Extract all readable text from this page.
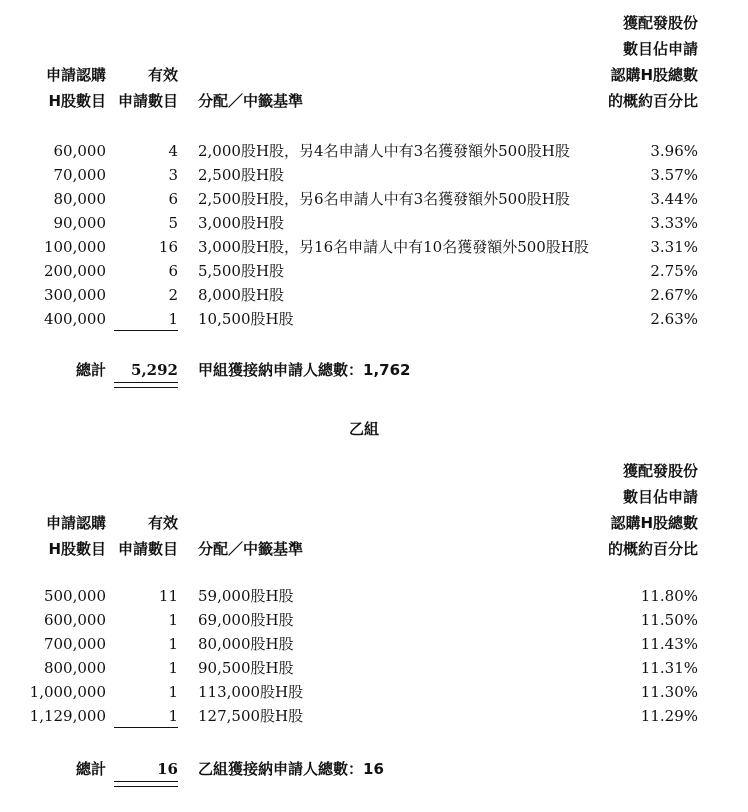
申請認購
H股數目
有效
申請數目 分配／中籤基準
獲配發股份
數目佔申請
認購H股總數
的概約百分比
60,000	4 2,000股H股，另4名申請人中有3名獲發額外500股H股	3.96%
70,000	3 2,500股H股	3.57%
80,000	6 2,500股H股，另6名申請人中有3名獲發額外500股H股	3.44%
90,000	5 3,000股H股	3.33%
100,000	16 3,000股H股，另16名申請人中有10名獲發額外500股H股	3.31%
200,000	6 5,500股H股	2.75%
300,000	2 8,000股H股	2.67%
400,000	1 10,500股H股	2.63%
總計	5,292 甲組獲接納申請人總數：1,762
乙組
申請認購
H股數目
有效
申請數目 分配／中籤基準
獲配發股份
數目佔申請
認購H股總數
的概約百分比
500,000	11 59,000股H股	11.80%
600,000	1 69,000股H股	11.50%
700,000	1 80,000股H股	11.43%
800,000	1 90,500股H股	11.31%
1,000,000	1 113,000股H股	11.30%
1,129,000	1 127,500股H股	11.29%
總計	16 乙組獲接納申請人總數：16
